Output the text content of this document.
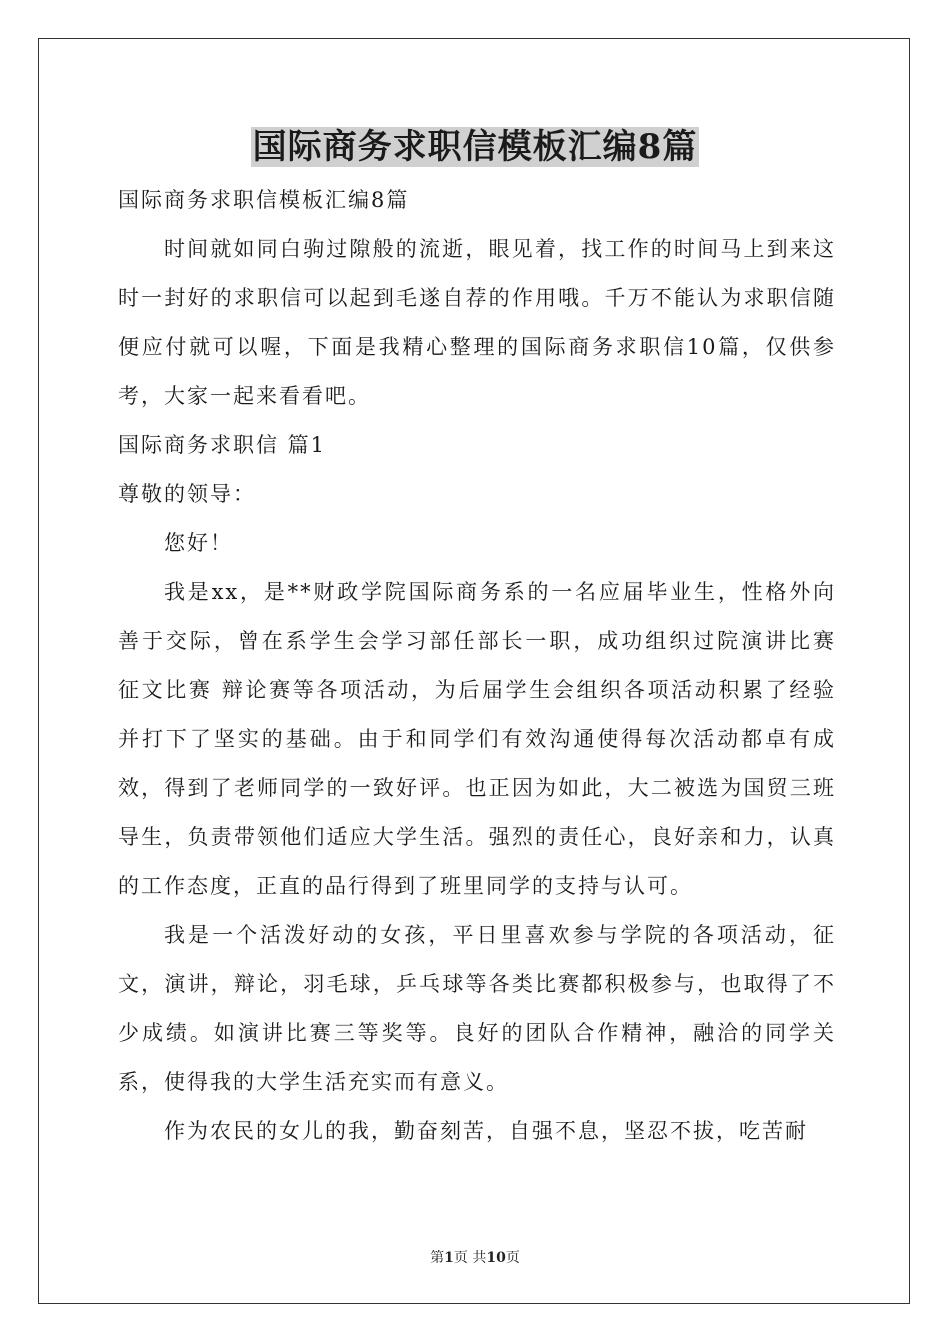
国际商务求职信模板汇编8篇

国际商务求职信模板汇编8篇

时间就如同白驹过隙般的流逝，眼见着，找工作的时间马上到来这时一封好的求职信可以起到毛遂自荐的作用哦。千万不能认为求职信随便应付就可以喔，下面是我精心整理的国际商务求职信10篇，仅供参考，大家一起来看看吧。

国际商务求职信 篇1

尊敬的领导：

您好！

我是xx，是**财政学院国际商务系的一名应届毕业生，性格外向善于交际，曾在系学生会学习部任部长一职，成功组织过院演讲比赛 征文比赛 辩论赛等各项活动，为后届学生会组织各项活动积累了经验并打下了坚实的基础。由于和同学们有效沟通使得每次活动都卓有成效，得到了老师同学的一致好评。也正因为如此，大二被选为国贸三班导生，负责带领他们适应大学生活。强烈的责任心，良好亲和力，认真的工作态度，正直的品行得到了班里同学的支持与认可。

我是一个活泼好动的女孩，平日里喜欢参与学院的各项活动，征文，演讲，辩论，羽毛球，乒乓球等各类比赛都积极参与，也取得了不少成绩。如演讲比赛三等奖等。良好的团队合作精神，融洽的同学关系，使得我的大学生活充实而有意义。

作为农民的女儿的我，勤奋刻苦，自强不息，坚忍不拔，吃苦耐

第1页 共10页
